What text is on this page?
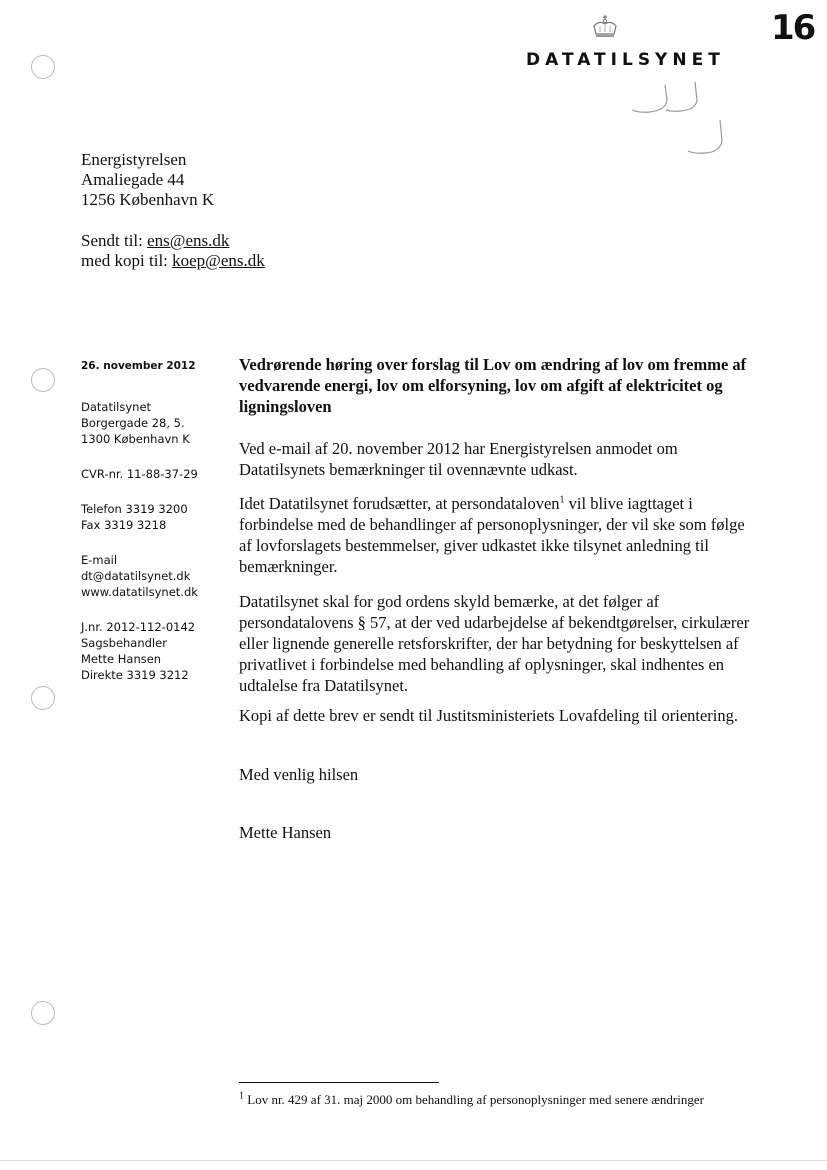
16
DATATILSYNET
Energistyrelsen
Amaliegade 44
1256 København K
Sendt til: ens@ens.dk
med kopi til: koep@ens.dk
26. november 2012
Datatilsynet
Borgergade 28, 5.
1300 København K
CVR-nr. 11-88-37-29
Telefon 3319 3200
Fax 3319 3218
E-mail
dt@datatilsynet.dk
www.datatilsynet.dk
J.nr. 2012-112-0142
Sagsbehandler
Mette Hansen
Direkte 3319 3212
Vedrørende høring over forslag til Lov om ændring af lov om fremme af vedvarende energi, lov om elforsyning, lov om afgift af elektricitet og ligningsloven
Ved e-mail af 20. november 2012 har Energistyrelsen anmodet om Datatilsynets bemærkninger til ovennævnte udkast.
Idet Datatilsynet forudsætter, at persondataloven$^1$ vil blive iagttaget i forbindelse med de behandlinger af personoplysninger, der vil ske som følge af lovforslagets bestemmelser, giver udkastet ikke tilsynet anledning til bemærkninger.
Datatilsynet skal for god ordens skyld bemærke, at det følger af persondatalovens § 57, at der ved udarbejdelse af bekendtgørelser, cirkulærer eller lignende generelle retsforskrifter, der har betydning for beskyttelsen af privatlivet i forbindelse med behandling af oplysninger, skal indhentes en udtalelse fra Datatilsynet.
Kopi af dette brev er sendt til Justitsministeriets Lovafdeling til orientering.
Med venlig hilsen
Mette Hansen
$^1$ Lov nr. 429 af 31. maj 2000 om behandling af personoplysninger med senere ændringer
